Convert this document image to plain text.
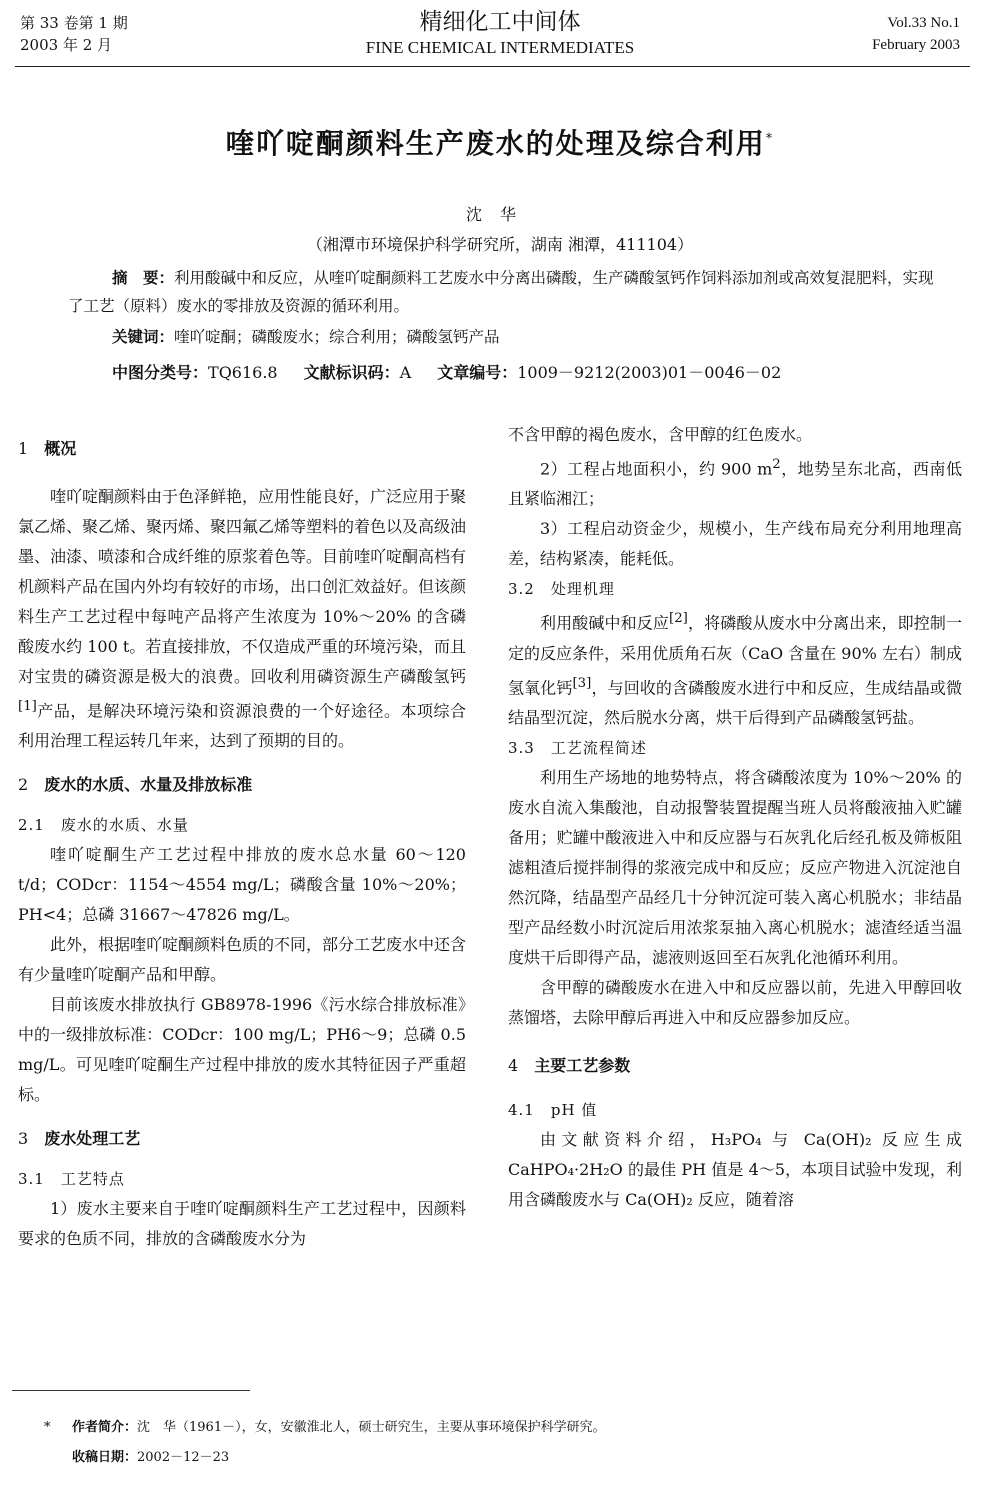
第 33 卷第 1 期
2003 年 2 月
精细化工中间体
FINE CHEMICAL INTERMEDIATES
Vol.33 No.1
February 2003
喹吖啶酮颜料生产废水的处理及综合利用*
沈华
（湘潭市环境保护科学研究所，湖南 湘潭，411104）
摘　要：利用酸碱中和反应，从喹吖啶酮颜料工艺废水中分离出磷酸，生产磷酸氢钙作饲料添加剂或高效复混肥料，实现了工艺（原料）废水的零排放及资源的循环利用。
关键词：喹吖啶酮；磷酸废水；综合利用；磷酸氢钙产品
中图分类号：TQ616.8 文献标识码：A 文章编号：1009－9212(2003)01－0046－02
1 概况

喹吖啶酮颜料由于色泽鲜艳，应用性能良好，广泛应用于聚氯乙烯、聚乙烯、聚丙烯、聚四氟乙烯等塑料的着色以及高级油墨、油漆、喷漆和合成纤维的原浆着色等。目前喹吖啶酮高档有机颜料产品在国内外均有较好的市场，出口创汇效益好。但该颜料生产工艺过程中每吨产品将产生浓度为 10%～20% 的含磷酸废水约 100 t。若直接排放，不仅造成严重的环境污染，而且对宝贵的磷资源是极大的浪费。回收利用磷资源生产磷酸氢钙[1]产品，是解决环境污染和资源浪费的一个好途径。本项综合利用治理工程运转几年来，达到了预期的目的。

2 废水的水质、水量及排放标准
2.1 废水的水质、水量

喹吖啶酮生产工艺过程中排放的废水总水量 60～120 t/d；CODcr：1154～4554 mg/L；磷酸含量 10%～20%；PH<4；总磷 31667～47826 mg/L。

此外，根据喹吖啶酮颜料色质的不同，部分工艺废水中还含有少量喹吖啶酮产品和甲醇。

目前该废水排放执行 GB8978-1996《污水综合排放标准》中的一级排放标准：CODcr：100 mg/L；PH6～9；总磷 0.5 mg/L。可见喹吖啶酮生产过程中排放的废水其特征因子严重超标。

3 废水处理工艺
3.1 工艺特点

1）废水主要来自于喹吖啶酮颜料生产工艺过程中，因颜料要求的色质不同，排放的含磷酸废水分为

不含甲醇的褐色废水，含甲醇的红色废水。

2）工程占地面积小，约 900 $m^2$，地势呈东北高，西南低且紧临湘江；

3）工程启动资金少，规模小，生产线布局充分利用地理高差，结构紧凑，能耗低。

3.2 处理机理

利用酸碱中和反应[2]，将磷酸从废水中分离出来，即控制一定的反应条件，采用优质角石灰（CaO 含量在 90% 左右）制成氢氧化钙[3]，与回收的含磷酸废水进行中和反应，生成结晶或微结晶型沉淀，然后脱水分离，烘干后得到产品磷酸氢钙盐。

3.3 工艺流程简述

利用生产场地的地势特点，将含磷酸浓度为 10%～20% 的废水自流入集酸池，自动报警装置提醒当班人员将酸液抽入贮罐备用；贮罐中酸液进入中和反应器与石灰乳化后经孔板及筛板阻滤粗渣后搅拌制得的浆液完成中和反应；反应产物进入沉淀池自然沉降，结晶型产品经几十分钟沉淀可装入离心机脱水；非结晶型产品经数小时沉淀后用浓浆泵抽入离心机脱水；滤渣经适当温度烘干后即得产品，滤液则返回至石灰乳化池循环利用。

含甲醇的磷酸废水在进入中和反应器以前，先进入甲醇回收蒸馏塔，去除甲醇后再进入中和反应器参加反应。

4 主要工艺参数
4.1 pH 值

由文献资料介绍，H₃PO₄ 与 Ca(OH)₂ 反应生成 CaHPO₄·2H₂O 的最佳 PH 值是 4～5，本项目试验中发现，利用含磷酸废水与 Ca(OH)₂ 反应，随着溶

* 作者简介：沈　华（1961－），女，安徽淮北人，硕士研究生，主要从事环境保护科学研究。
收稿日期：2002－12－23
